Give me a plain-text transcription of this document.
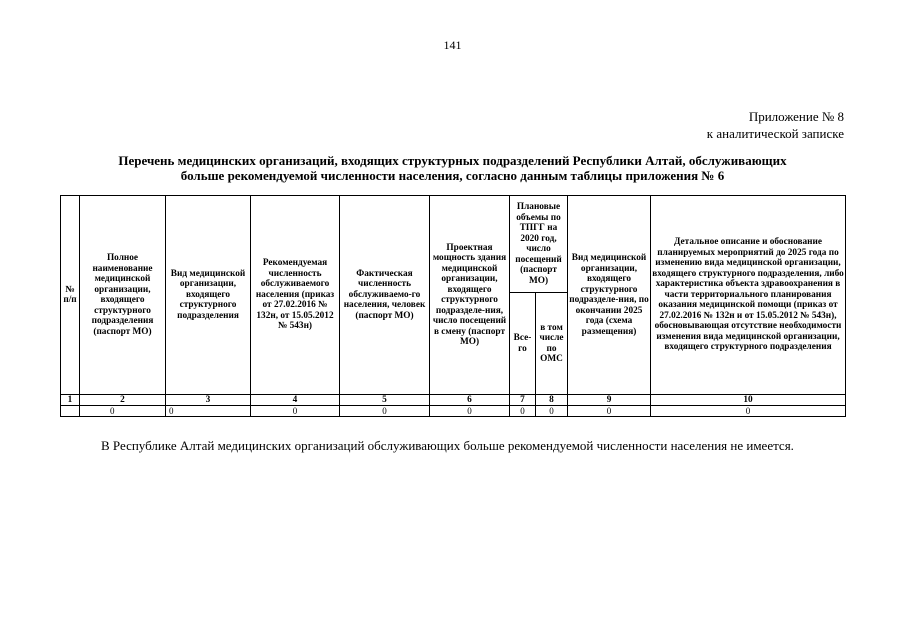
141
Приложение № 8
к аналитической записке
Перечень медицинских организаций, входящих структурных подразделений Республики Алтай, обслуживающих
больше рекомендуемой численности населения, согласно данным таблицы приложения № 6
№ п/п	Полное наименование медицинской организации, входящего структурного подразделения (паспорт МО)	Вид медицинской организации, входящего структурного подразделения	Рекомендуемая численность обслуживаемого населения (приказ от 27.02.2016 № 132н, от 15.05.2012 № 543н)	Фактическая численность обслуживаемо-го населения, человек (паспорт МО)	Проектная мощность здания медицинской организации, входящего структурного подразделе-ния, число посещений в смену (паспорт МО)	Плановые объемы по ТПГГ на 2020 год, число посещений (паспорт МО)		Вид медицинской организации, входящего структурного подразделе-ния, по окончании 2025 года (схема размещения)	Детальное описание и обоснование планируемых мероприятий до 2025 года по изменению вида медицинской организации, входящего структурного подразделения, либо характеристика объекта здравоохранения в части территориального планирования оказания медицинской помощи (приказ от 27.02.2016 № 132н и от 15.05.2012 № 543н), обосновывающая отсутствие необходимости изменения вида медицинской организации, входящего структурного подразделения
						Все-го	в том числе по ОМС		
1	2	3	4	5	6	7	8	9	10
	0	0	0	0	0	0	0	0	0
В Республике Алтай медицинских организаций обслуживающих больше рекомендуемой численности населения не имеется.
